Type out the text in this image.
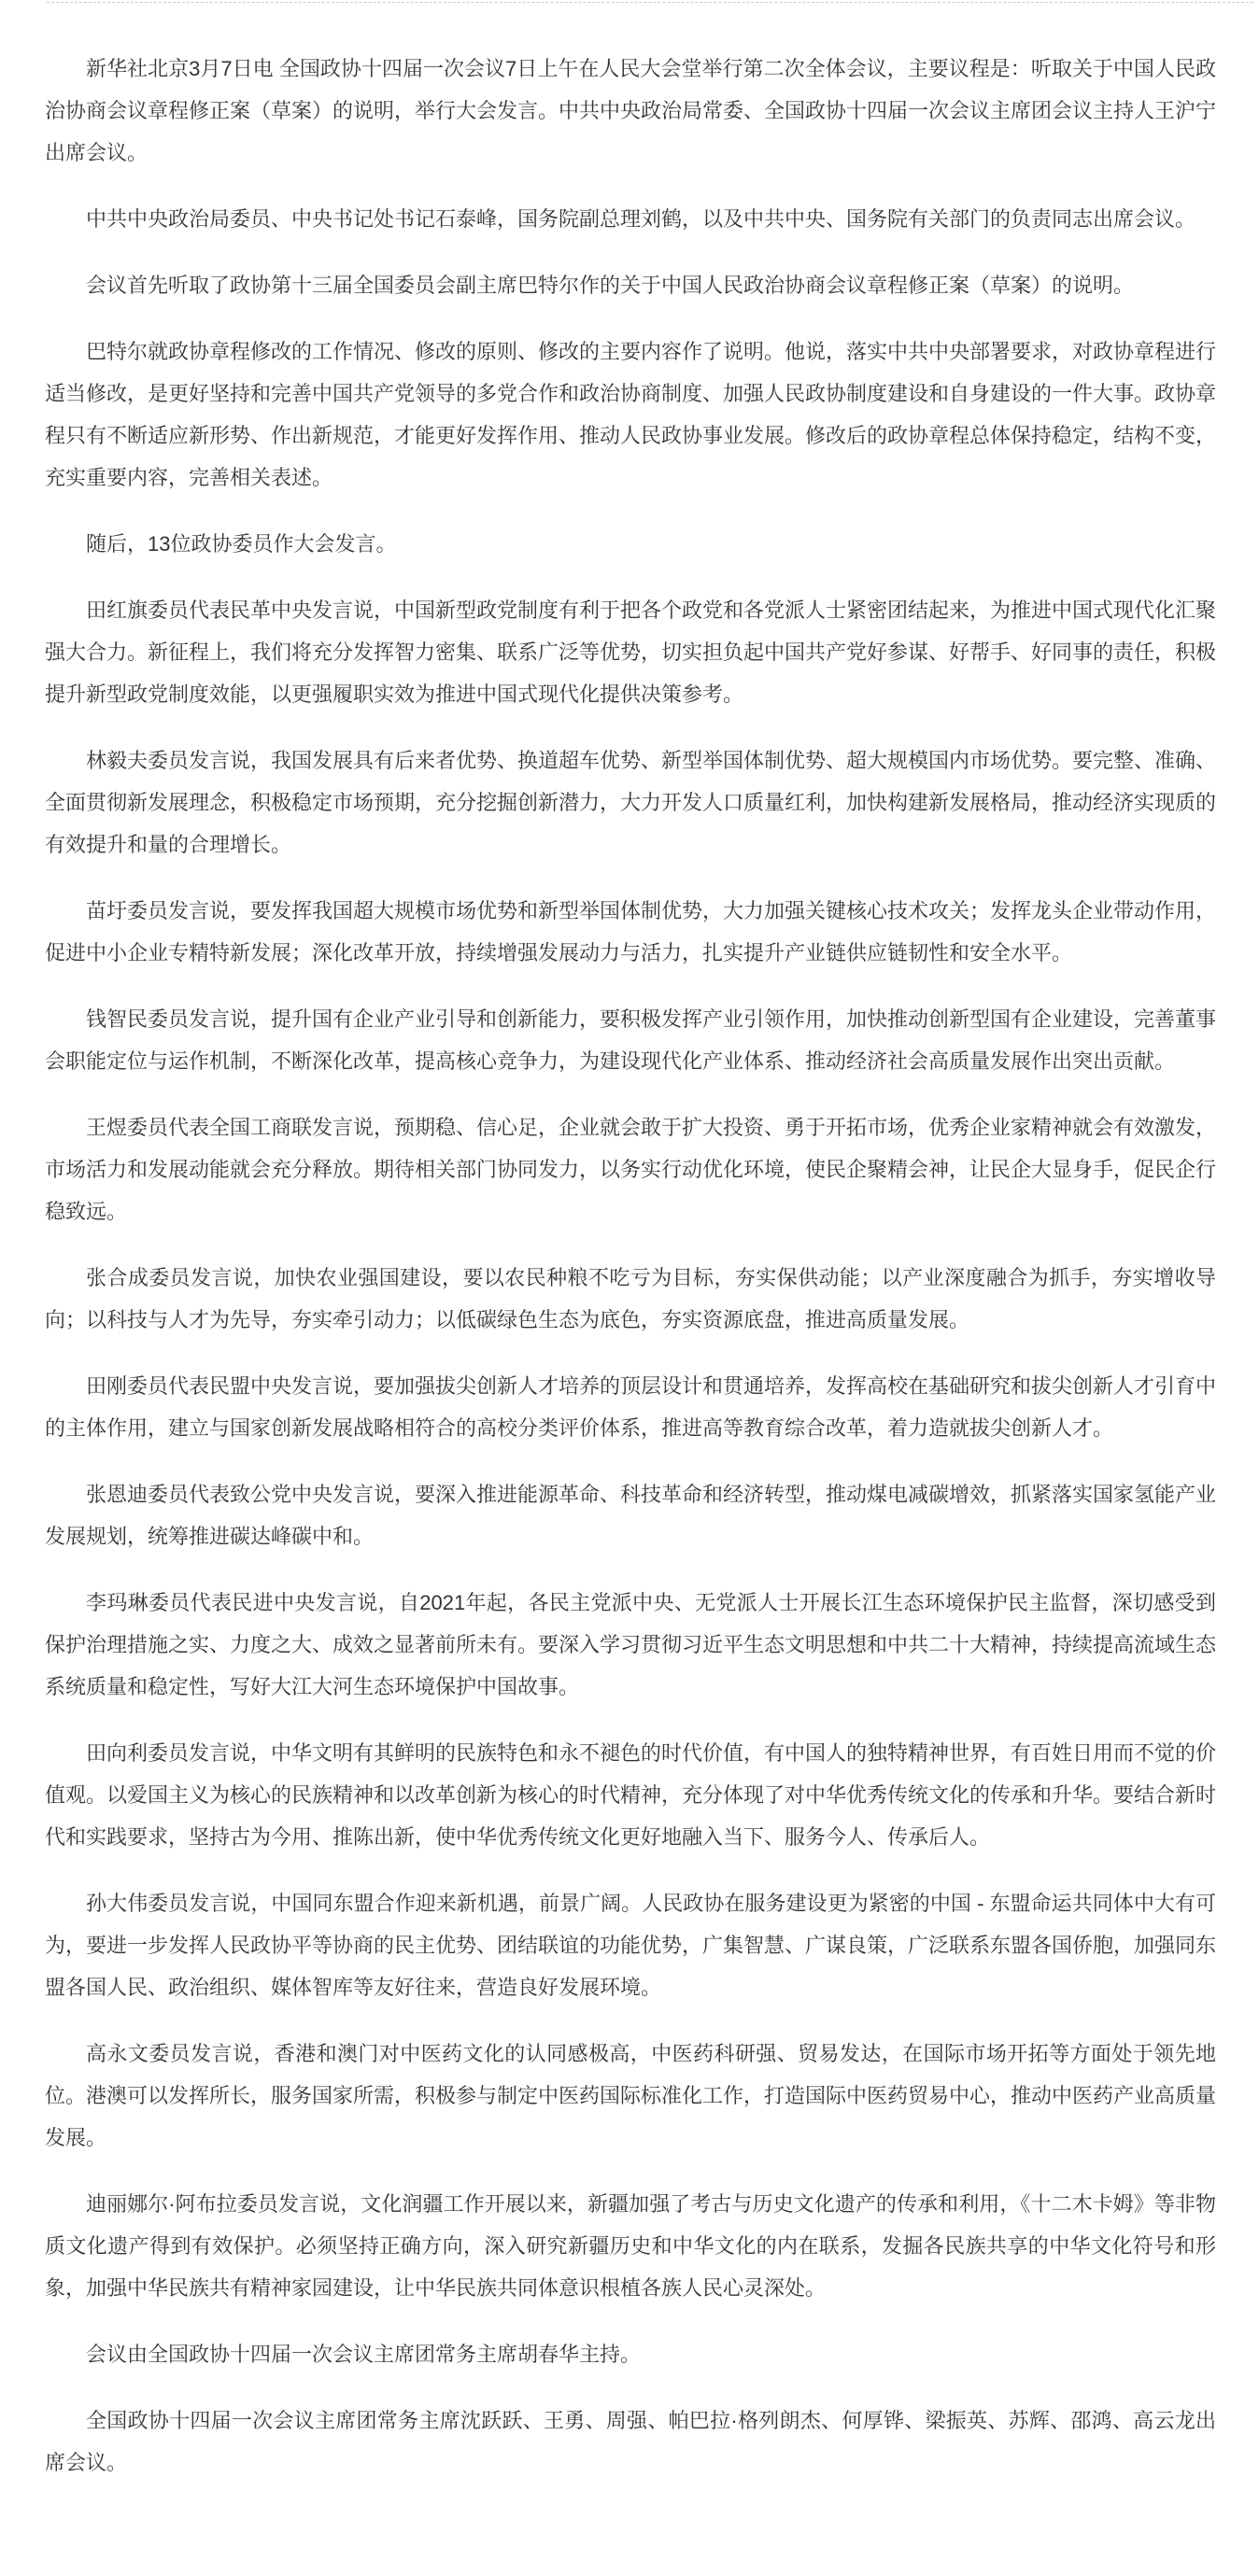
新华社北京3月7日电 全国政协十四届一次会议7日上午在人民大会堂举行第二次全体会议，主要议程是：听取关于中国人民政治协商会议章程修正案（草案）的说明，举行大会发言。中共中央政治局常委、全国政协十四届一次会议主席团会议主持人王沪宁出席会议。

中共中央政治局委员、中央书记处书记石泰峰，国务院副总理刘鹤，以及中共中央、国务院有关部门的负责同志出席会议。

会议首先听取了政协第十三届全国委员会副主席巴特尔作的关于中国人民政治协商会议章程修正案（草案）的说明。

巴特尔就政协章程修改的工作情况、修改的原则、修改的主要内容作了说明。他说，落实中共中央部署要求，对政协章程进行适当修改，是更好坚持和完善中国共产党领导的多党合作和政治协商制度、加强人民政协制度建设和自身建设的一件大事。政协章程只有不断适应新形势、作出新规范，才能更好发挥作用、推动人民政协事业发展。修改后的政协章程总体保持稳定，结构不变，充实重要内容，完善相关表述。

随后，13位政协委员作大会发言。

田红旗委员代表民革中央发言说，中国新型政党制度有利于把各个政党和各党派人士紧密团结起来，为推进中国式现代化汇聚强大合力。新征程上，我们将充分发挥智力密集、联系广泛等优势，切实担负起中国共产党好参谋、好帮手、好同事的责任，积极提升新型政党制度效能，以更强履职实效为推进中国式现代化提供决策参考。

林毅夫委员发言说，我国发展具有后来者优势、换道超车优势、新型举国体制优势、超大规模国内市场优势。要完整、准确、全面贯彻新发展理念，积极稳定市场预期，充分挖掘创新潜力，大力开发人口质量红利，加快构建新发展格局，推动经济实现质的有效提升和量的合理增长。

苗圩委员发言说，要发挥我国超大规模市场优势和新型举国体制优势，大力加强关键核心技术攻关；发挥龙头企业带动作用，促进中小企业专精特新发展；深化改革开放，持续增强发展动力与活力，扎实提升产业链供应链韧性和安全水平。

钱智民委员发言说，提升国有企业产业引导和创新能力，要积极发挥产业引领作用，加快推动创新型国有企业建设，完善董事会职能定位与运作机制，不断深化改革，提高核心竞争力，为建设现代化产业体系、推动经济社会高质量发展作出突出贡献。

王煜委员代表全国工商联发言说，预期稳、信心足，企业就会敢于扩大投资、勇于开拓市场，优秀企业家精神就会有效激发，市场活力和发展动能就会充分释放。期待相关部门协同发力，以务实行动优化环境，使民企聚精会神，让民企大显身手，促民企行稳致远。

张合成委员发言说，加快农业强国建设，要以农民种粮不吃亏为目标，夯实保供动能；以产业深度融合为抓手，夯实增收导向；以科技与人才为先导，夯实牵引动力；以低碳绿色生态为底色，夯实资源底盘，推进高质量发展。

田刚委员代表民盟中央发言说，要加强拔尖创新人才培养的顶层设计和贯通培养，发挥高校在基础研究和拔尖创新人才引育中的主体作用，建立与国家创新发展战略相符合的高校分类评价体系，推进高等教育综合改革，着力造就拔尖创新人才。

张恩迪委员代表致公党中央发言说，要深入推进能源革命、科技革命和经济转型，推动煤电减碳增效，抓紧落实国家氢能产业发展规划，统筹推进碳达峰碳中和。

李玛琳委员代表民进中央发言说，自2021年起，各民主党派中央、无党派人士开展长江生态环境保护民主监督，深切感受到保护治理措施之实、力度之大、成效之显著前所未有。要深入学习贯彻习近平生态文明思想和中共二十大精神，持续提高流域生态系统质量和稳定性，写好大江大河生态环境保护中国故事。

田向利委员发言说，中华文明有其鲜明的民族特色和永不褪色的时代价值，有中国人的独特精神世界，有百姓日用而不觉的价值观。以爱国主义为核心的民族精神和以改革创新为核心的时代精神，充分体现了对中华优秀传统文化的传承和升华。要结合新时代和实践要求，坚持古为今用、推陈出新，使中华优秀传统文化更好地融入当下、服务今人、传承后人。

孙大伟委员发言说，中国同东盟合作迎来新机遇，前景广阔。人民政协在服务建设更为紧密的中国 - 东盟命运共同体中大有可为，要进一步发挥人民政协平等协商的民主优势、团结联谊的功能优势，广集智慧、广谋良策，广泛联系东盟各国侨胞，加强同东盟各国人民、政治组织、媒体智库等友好往来，营造良好发展环境。

高永文委员发言说，香港和澳门对中医药文化的认同感极高，中医药科研强、贸易发达，在国际市场开拓等方面处于领先地位。港澳可以发挥所长，服务国家所需，积极参与制定中医药国际标准化工作，打造国际中医药贸易中心，推动中医药产业高质量发展。

迪丽娜尔·阿布拉委员发言说，文化润疆工作开展以来，新疆加强了考古与历史文化遗产的传承和利用，《十二木卡姆》等非物质文化遗产得到有效保护。必须坚持正确方向，深入研究新疆历史和中华文化的内在联系，发掘各民族共享的中华文化符号和形象，加强中华民族共有精神家园建设，让中华民族共同体意识根植各族人民心灵深处。

会议由全国政协十四届一次会议主席团常务主席胡春华主持。

全国政协十四届一次会议主席团常务主席沈跃跃、王勇、周强、帕巴拉·格列朗杰、何厚铧、梁振英、苏辉、邵鸿、高云龙出席会议。
